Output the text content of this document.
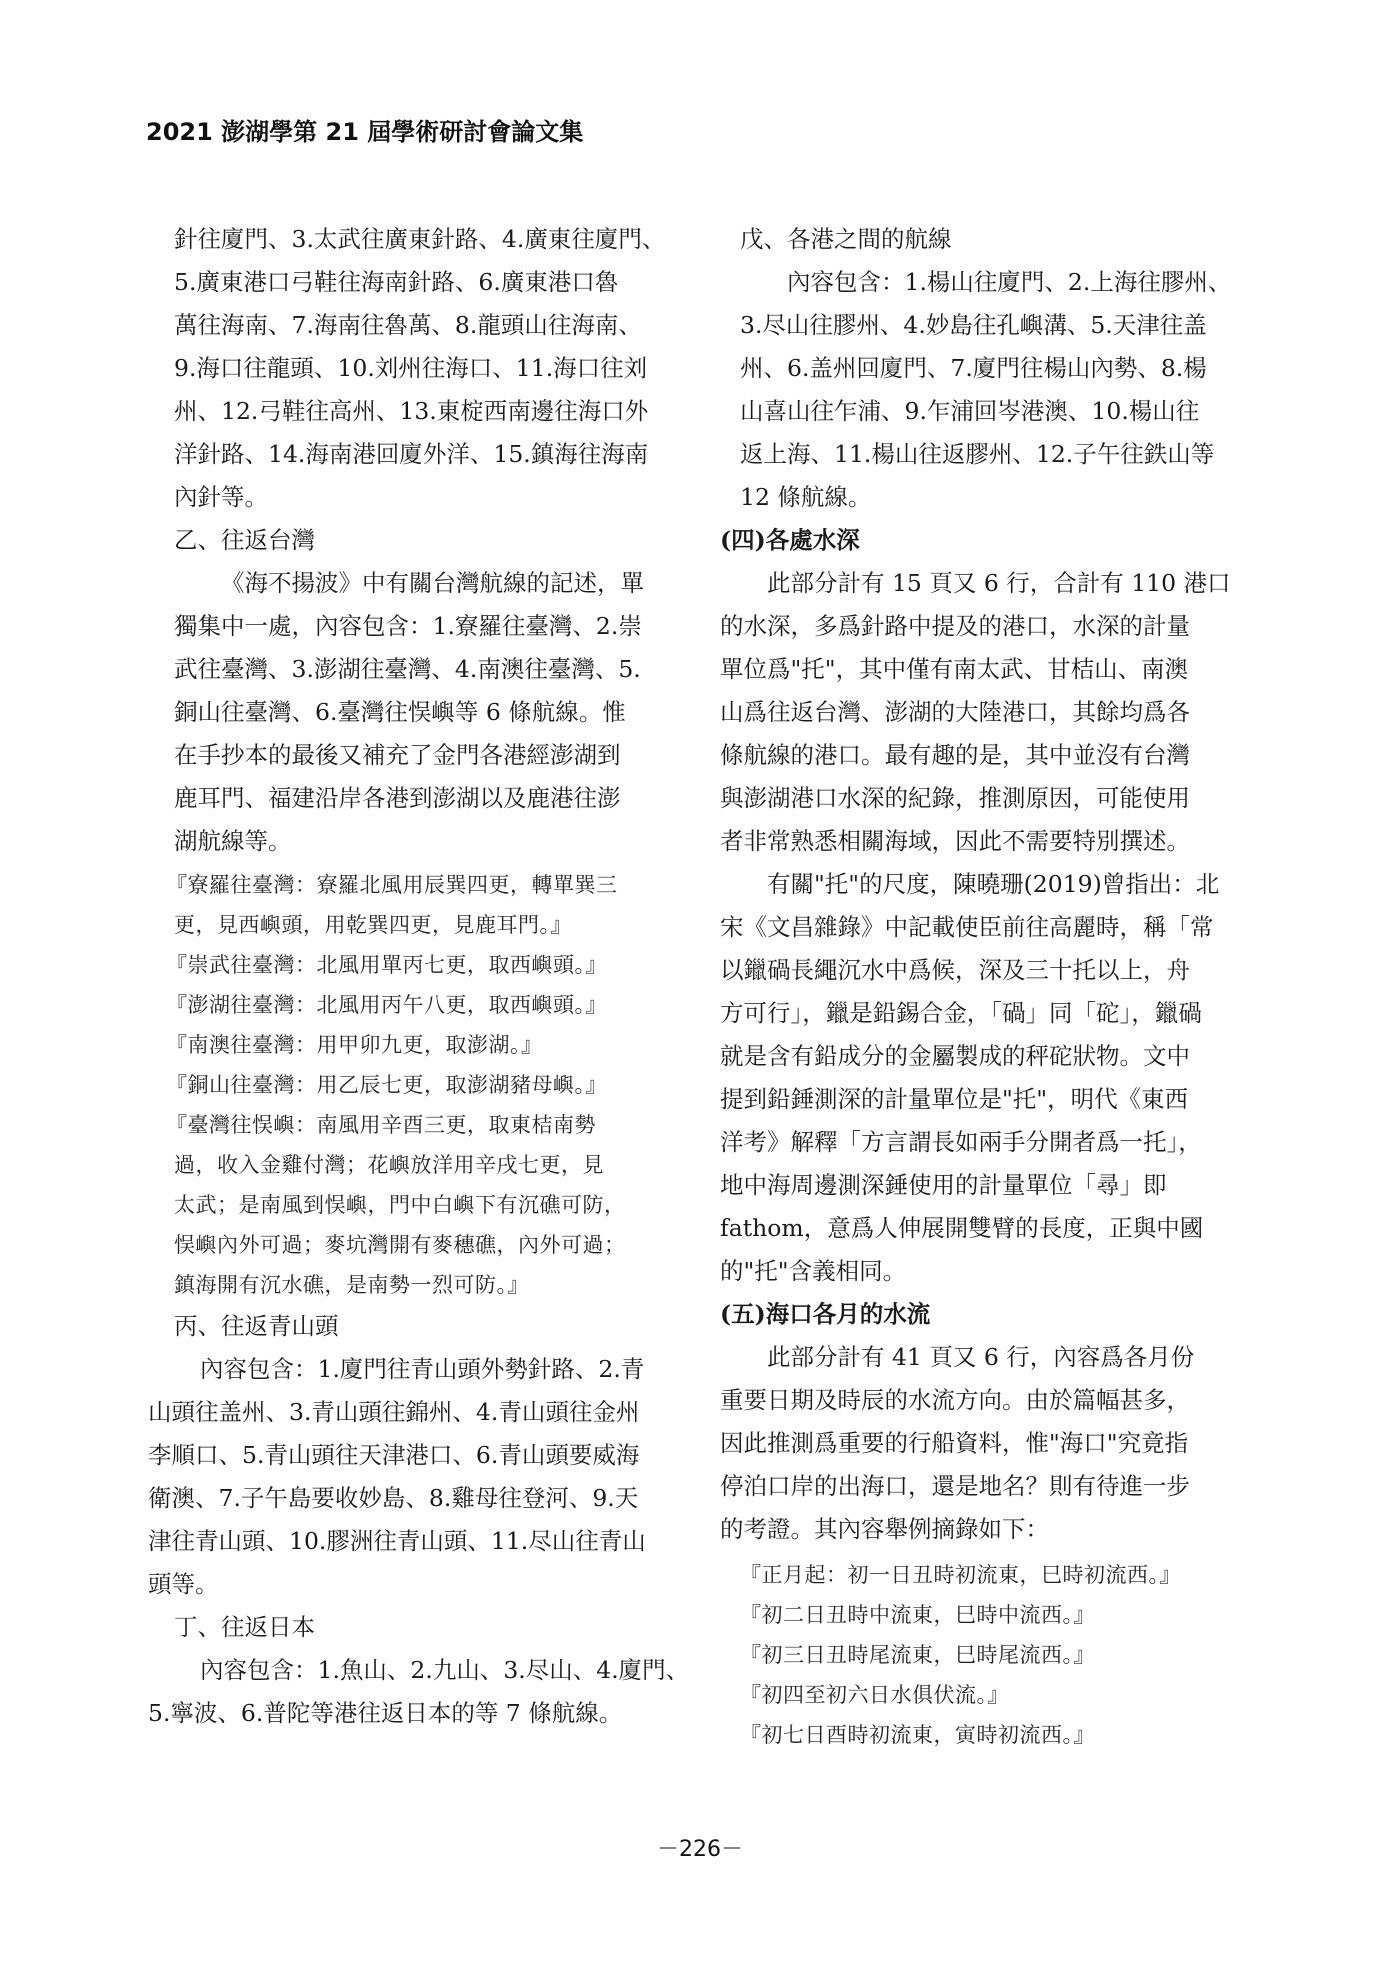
2021 澎湖學第 21 屆學術研討會論文集
針往廈門、3.太武往廣東針路、4.廣東往廈門、
5.廣東港口弓鞋往海南針路、6.廣東港口魯
萬往海南、7.海南往魯萬、8.龍頭山往海南、
9.海口往龍頭、10.刘州往海口、11.海口往刘
州、12.弓鞋往高州、13.東椗西南邊往海口外
洋針路、14.海南港回廈外洋、15.鎮海往海南
內針等。
乙、往返台灣
《海不揚波》中有關台灣航線的記述，單
獨集中一處，內容包含：1.寮羅往臺灣、2.崇
武往臺灣、3.澎湖往臺灣、4.南澳往臺灣、5.
銅山往臺灣、6.臺灣往悮嶼等 6 條航線。惟
在手抄本的最後又補充了金門各港經澎湖到
鹿耳門、福建沿岸各港到澎湖以及鹿港往澎
湖航線等。
『寮羅往臺灣：寮羅北風用辰巽四更，轉單巽三
更，見西嶼頭，用乾巽四更，見鹿耳門。』
『崇武往臺灣：北風用單丙七更，取西嶼頭。』
『澎湖往臺灣：北風用丙午八更，取西嶼頭。』
『南澳往臺灣：用甲卯九更，取澎湖。』
『銅山往臺灣：用乙辰七更，取澎湖豬母嶼。』
『臺灣往悮嶼：南風用辛酉三更，取東桔南勢
過，收入金雞付灣；花嶼放洋用辛戌七更，見
太武；是南風到悮嶼，門中白嶼下有沉礁可防，
悮嶼內外可過；麥坑灣開有麥穗礁，內外可過；
鎮海開有沉水礁，是南勢一烈可防。』
丙、往返青山頭
內容包含：1.廈門往青山頭外勢針路、2.青
山頭往盖州、3.青山頭往錦州、4.青山頭往金州
李順口、5.青山頭往天津港口、6.青山頭要威海
衛澳、7.子午島要收妙島、8.雞母往登河、9.天
津往青山頭、10.膠洲往青山頭、11.尽山往青山
頭等。
丁、往返日本
內容包含：1.魚山、2.九山、3.尽山、4.廈門、
5.寧波、6.普陀等港往返日本的等 7 條航線。
戊、各港之間的航線
內容包含：1.楊山往廈門、2.上海往膠州、
3.尽山往膠州、4.妙島往孔嶼溝、5.天津往盖
州、6.盖州回廈門、7.廈門往楊山內勢、8.楊
山喜山往乍浦、9.乍浦回岑港澳、10.楊山往
返上海、11.楊山往返膠州、12.子午往鉄山等
12 條航線。
(四)各處水深
此部分計有 15 頁又 6 行，合計有 110 港口
的水深，多爲針路中提及的港口，水深的計量
單位爲"托"，其中僅有南太武、甘桔山、南澳
山爲往返台灣、澎湖的大陸港口，其餘均爲各
條航線的港口。最有趣的是，其中並沒有台灣
與澎湖港口水深的紀錄，推測原因，可能使用
者非常熟悉相關海域，因此不需要特別撰述。
有關"托"的尺度，陳曉珊(2019)曾指出：北
宋《文昌雜錄》中記載使臣前往高麗時，稱「常
以鑞碢長繩沉水中爲候，深及三十托以上，舟
方可行」，鑞是鉛錫合金，「碢」同「砣」，鑞碢
就是含有鉛成分的金屬製成的秤砣狀物。文中
提到鉛錘測深的計量單位是"托"，明代《東西
洋考》解釋「方言謂長如兩手分開者爲一托」，
地中海周邊測深錘使用的計量單位「尋」即
fathom，意爲人伸展開雙臂的長度，正與中國
的"托"含義相同。
(五)海口各月的水流
此部分計有 41 頁又 6 行，內容爲各月份
重要日期及時辰的水流方向。由於篇幅甚多，
因此推測爲重要的行船資料，惟"海口"究竟指
停泊口岸的出海口，還是地名？則有待進一步
的考證。其內容舉例摘錄如下：
『正月起：初一日丑時初流東，巳時初流西。』
『初二日丑時中流東，巳時中流西。』
『初三日丑時尾流東，巳時尾流西。』
『初四至初六日水俱伏流。』
『初七日酉時初流東，寅時初流西。』
－226－
